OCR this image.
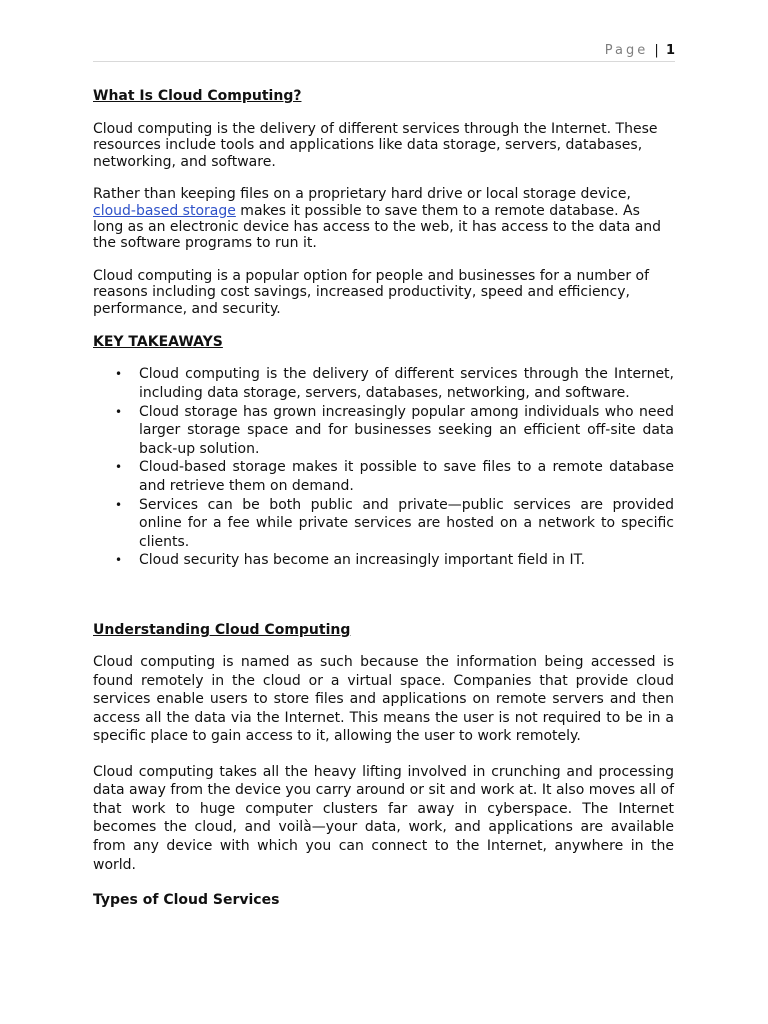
Page | 1
What Is Cloud Computing?

Cloud computing is the delivery of different services through the Internet. These resources include tools and applications like data storage, servers, databases, networking, and software.

Rather than keeping files on a proprietary hard drive or local storage device, cloud-based storage makes it possible to save them to a remote database. As long as an electronic device has access to the web, it has access to the data and the software programs to run it.

Cloud computing is a popular option for people and businesses for a number of reasons including cost savings, increased productivity, speed and efficiency, performance, and security.

KEY TAKEAWAYS
• Cloud computing is the delivery of different services through the Internet, including data storage, servers, databases, networking, and software.
• Cloud storage has grown increasingly popular among individuals who need larger storage space and for businesses seeking an efficient off-site data back-up solution.
• Cloud-based storage makes it possible to save files to a remote database and retrieve them on demand.
• Services can be both public and private—public services are provided online for a fee while private services are hosted on a network to specific clients.
• Cloud security has become an increasingly important field in IT.
Understanding Cloud Computing

Cloud computing is named as such because the information being accessed is found remotely in the cloud or a virtual space. Companies that provide cloud services enable users to store files and applications on remote servers and then access all the data via the Internet. This means the user is not required to be in a specific place to gain access to it, allowing the user to work remotely.

Cloud computing takes all the heavy lifting involved in crunching and processing data away from the device you carry around or sit and work at. It also moves all of that work to huge computer clusters far away in cyberspace. The Internet becomes the cloud, and voilà—your data, work, and applications are available from any device with which you can connect to the Internet, anywhere in the world.

Types of Cloud Services
